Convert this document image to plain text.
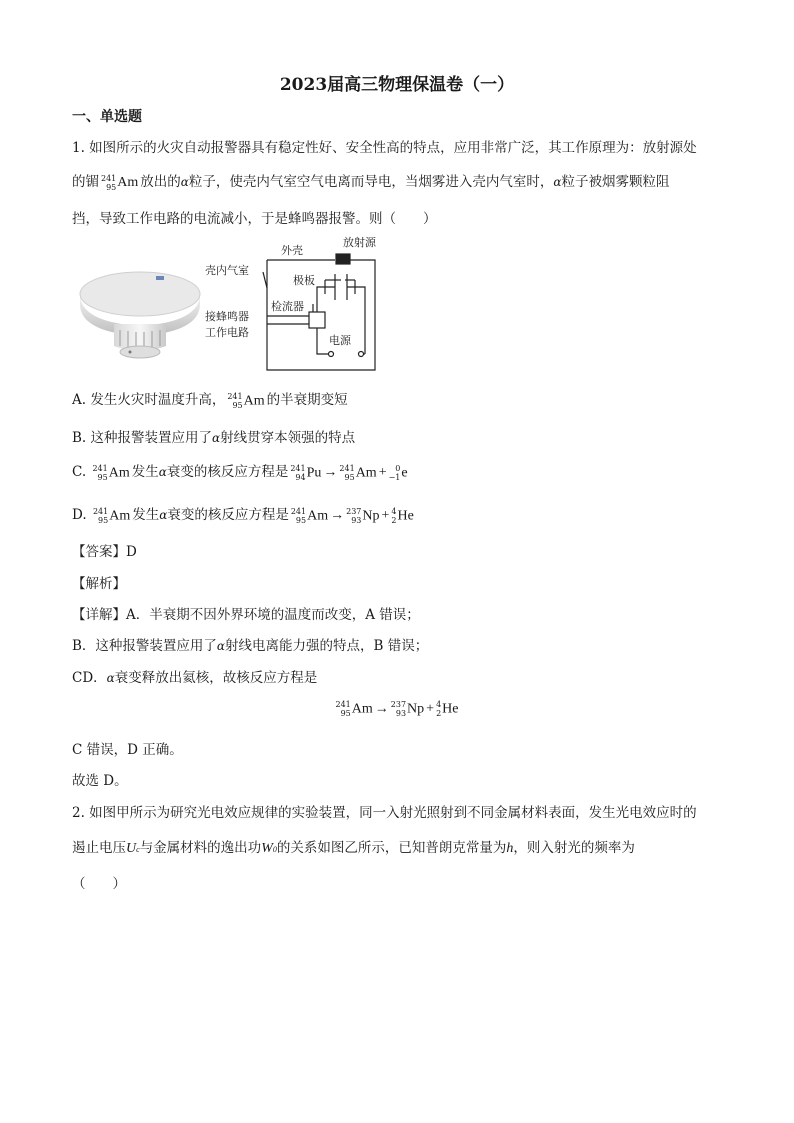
2023届高三物理保温卷（一）
一、单选题
1. 如图所示的火灾自动报警器具有稳定性好、安全性高的特点，应用非常广泛，其工作原理为：放射源处
的镅 241
95 Am 放出的α粒子，使壳内气室空气电离而导电，当烟雾进入壳内气室时，α粒子被烟雾颗粒阻
挡，导致工作电路的电流减小，于是蜂鸣器报警。则（　　）
外壳
放射源
壳内气室
极板
检流器
接蜂鸣器
工作电路
电源
A. 发生火灾时温度升高， 241
95 Am 的半衰期变短
B. 这种报警装置应用了α射线贯穿本领强的特点
C. 241
95 Am 发生α衰变的核反应方程是 241
94 Pu → 241
95 Am + 0
−1 e
D. 241
95 Am 发生α衰变的核反应方程是 241
95 Am → 237
93 Np + 4
2 He
【答案】D
【解析】
【详解】A．半衰期不因外界环境的温度而改变，A 错误；
B．这种报警装置应用了α射线电离能力强的特点，B 错误；
CD．α衰变释放出氦核，故核反应方程是
241
95 Am → 237
93 Np + 4
2 He
C 错误，D 正确。
故选 D。
2. 如图甲所示为研究光电效应规律的实验装置，同一入射光照射到不同金属材料表面，发生光电效应时的
遏止电压Uc与金属材料的逸出功W0的关系如图乙所示，已知普朗克常量为h，则入射光的频率为
（　　）
